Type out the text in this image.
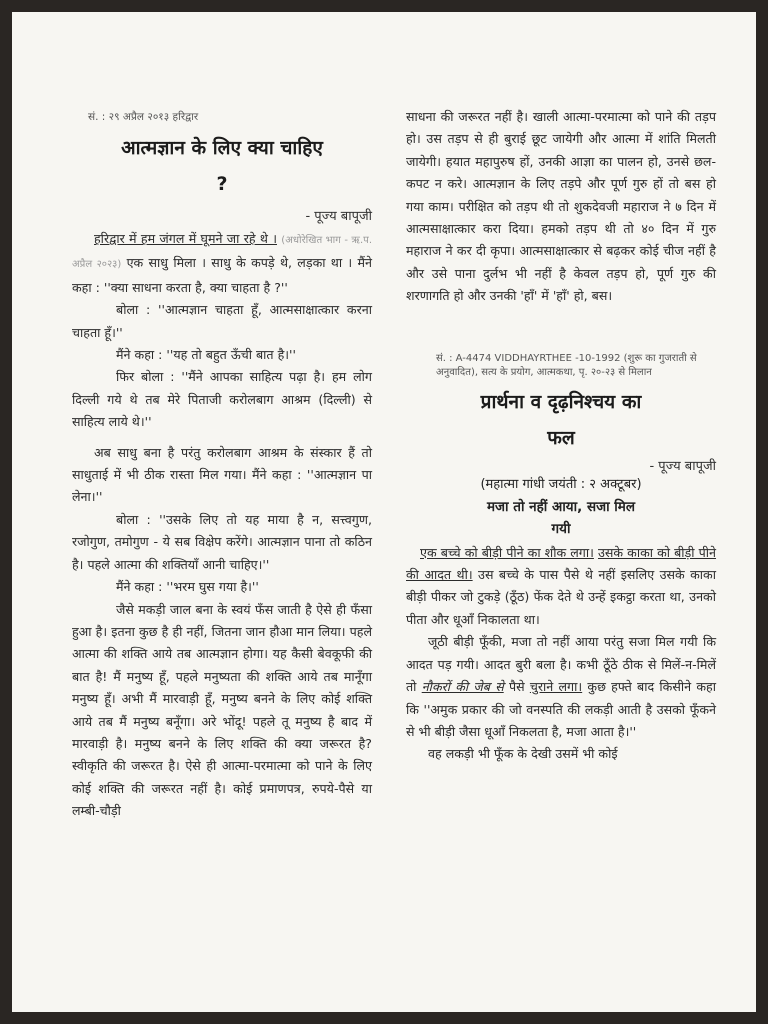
सं. : २९ अप्रैल २०१३ हरिद्वार
आत्मज्ञान के लिए क्या चाहिए
?
- पूज्य बापूजी

हरिद्वार में हम जंगल में घूमने जा रहे थे । (अधोरेखित भाग - ऋ.प. अप्रैल २०२३) एक साधु मिला । साधु के कपड़े थे, लड़का था । मैंने कहा : ''क्या साधना करता है, क्या चाहता है ?''

बोला : ''आत्मज्ञान चाहता हूँ, आत्मसाक्षात्कार करना चाहता हूँ।''

मैंने कहा : ''यह तो बहुत ऊँची बात है।''

फिर बोला : ''मैंने आपका साहित्य पढ़ा है। हम लोग दिल्ली गये थे तब मेरे पिताजी करोलबाग आश्रम (दिल्ली) से साहित्य लाये थे।''

अब साधु बना है परंतु करोलबाग आश्रम के संस्कार हैं तो साधुताई में भी ठीक रास्ता मिल गया। मैंने कहा : ''आत्मज्ञान पा लेना।''

बोला : ''उसके लिए तो यह माया है न, सत्त्वगुण, रजोगुण, तमोगुण - ये सब विक्षेप करेंगे। आत्मज्ञान पाना तो कठिन है। पहले आत्मा की शक्तियाँ आनी चाहिए।''

मैंने कहा : ''भरम घुस गया है।''

जैसे मकड़ी जाल बना के स्वयं फँस जाती है ऐसे ही फँसा हुआ है। इतना कुछ है ही नहीं, जितना जान हौआ मान लिया। पहले आत्मा की शक्ति आये तब आत्मज्ञान होगा। यह कैसी बेवकूफी की बात है! मैं मनुष्य हूँ, पहले मनुष्यता की शक्ति आये तब मानूँगा मनुष्य हूँ। अभी मैं मारवाड़ी हूँ, मनुष्य बनने के लिए कोई शक्ति आये तब मैं मनुष्य बनूँगा। अरे भोंदू! पहले तू मनुष्य है बाद में मारवाड़ी है। मनुष्य बनने के लिए शक्ति की क्या जरूरत है? स्वीकृति की जरूरत है। ऐसे ही आत्मा-परमात्मा को पाने के लिए कोई शक्ति की जरूरत नहीं है। कोई प्रमाणपत्र, रुपये-पैसे या लम्बी-चौड़ी

साधना की जरूरत नहीं है। खाली आत्मा-परमात्मा को पाने की तड़प हो। उस तड़प से ही बुराई छूट जायेगी और आत्मा में शांति मिलती जायेगी। हयात महापुरुष हों, उनकी आज्ञा का पालन हो, उनसे छल-कपट न करे। आत्मज्ञान के लिए तड़पे और पूर्ण गुरु हों तो बस हो गया काम। परीक्षित को तड़प थी तो शुकदेवजी महाराज ने ७ दिन में आत्मसाक्षात्कार करा दिया। हमको तड़प थी तो ४० दिन में गुरु महाराज ने कर दी कृपा। आत्मसाक्षात्कार से बढ़कर कोई चीज नहीं है और उसे पाना दुर्लभ भी नहीं है केवल तड़प हो, पूर्ण गुरु की शरणागति हो और उनकी 'हाँ' में 'हाँ' हो, बस।

सं. : A-4474 VIDDHAYRTHEE -10-1992 (शुरू का गुजराती से अनुवादित), सत्य के प्रयोग, आत्मकथा, पृ. २०-२३ से मिलान
प्रार्थना व दृढ़निश्चय का
फल
- पूज्य बापूजी
(महात्मा गांधी जयंती : २ अक्टूबर)
मजा तो नहीं आया, सजा मिल
गयी

एक बच्चे को बीड़ी पीने का शौक लगा। उसके काका को बीड़ी पीने की आदत थी। उस बच्चे के पास पैसे थे नहीं इसलिए उसके काका बीड़ी पीकर जो टुकड़े (ठूँठ) फेंक देते थे उन्हें इकट्ठा करता था, उनको पीता और धूआँ निकालता था।

जूठी बीड़ी फूँकी, मजा तो नहीं आया परंतु सजा मिल गयी कि आदत पड़ गयी। आदत बुरी बला है। कभी ठूँठे ठीक से मिलें-न-मिलें तो नौकरों की जेब से पैसे चुराने लगा। कुछ हफ्ते बाद किसीने कहा कि ''अमुक प्रकार की जो वनस्पति की लकड़ी आती है उसको फूँकने से भी बीड़ी जैसा धूआँ निकलता है, मजा आता है।''

वह लकड़ी भी फूँक के देखी उसमें भी कोई
